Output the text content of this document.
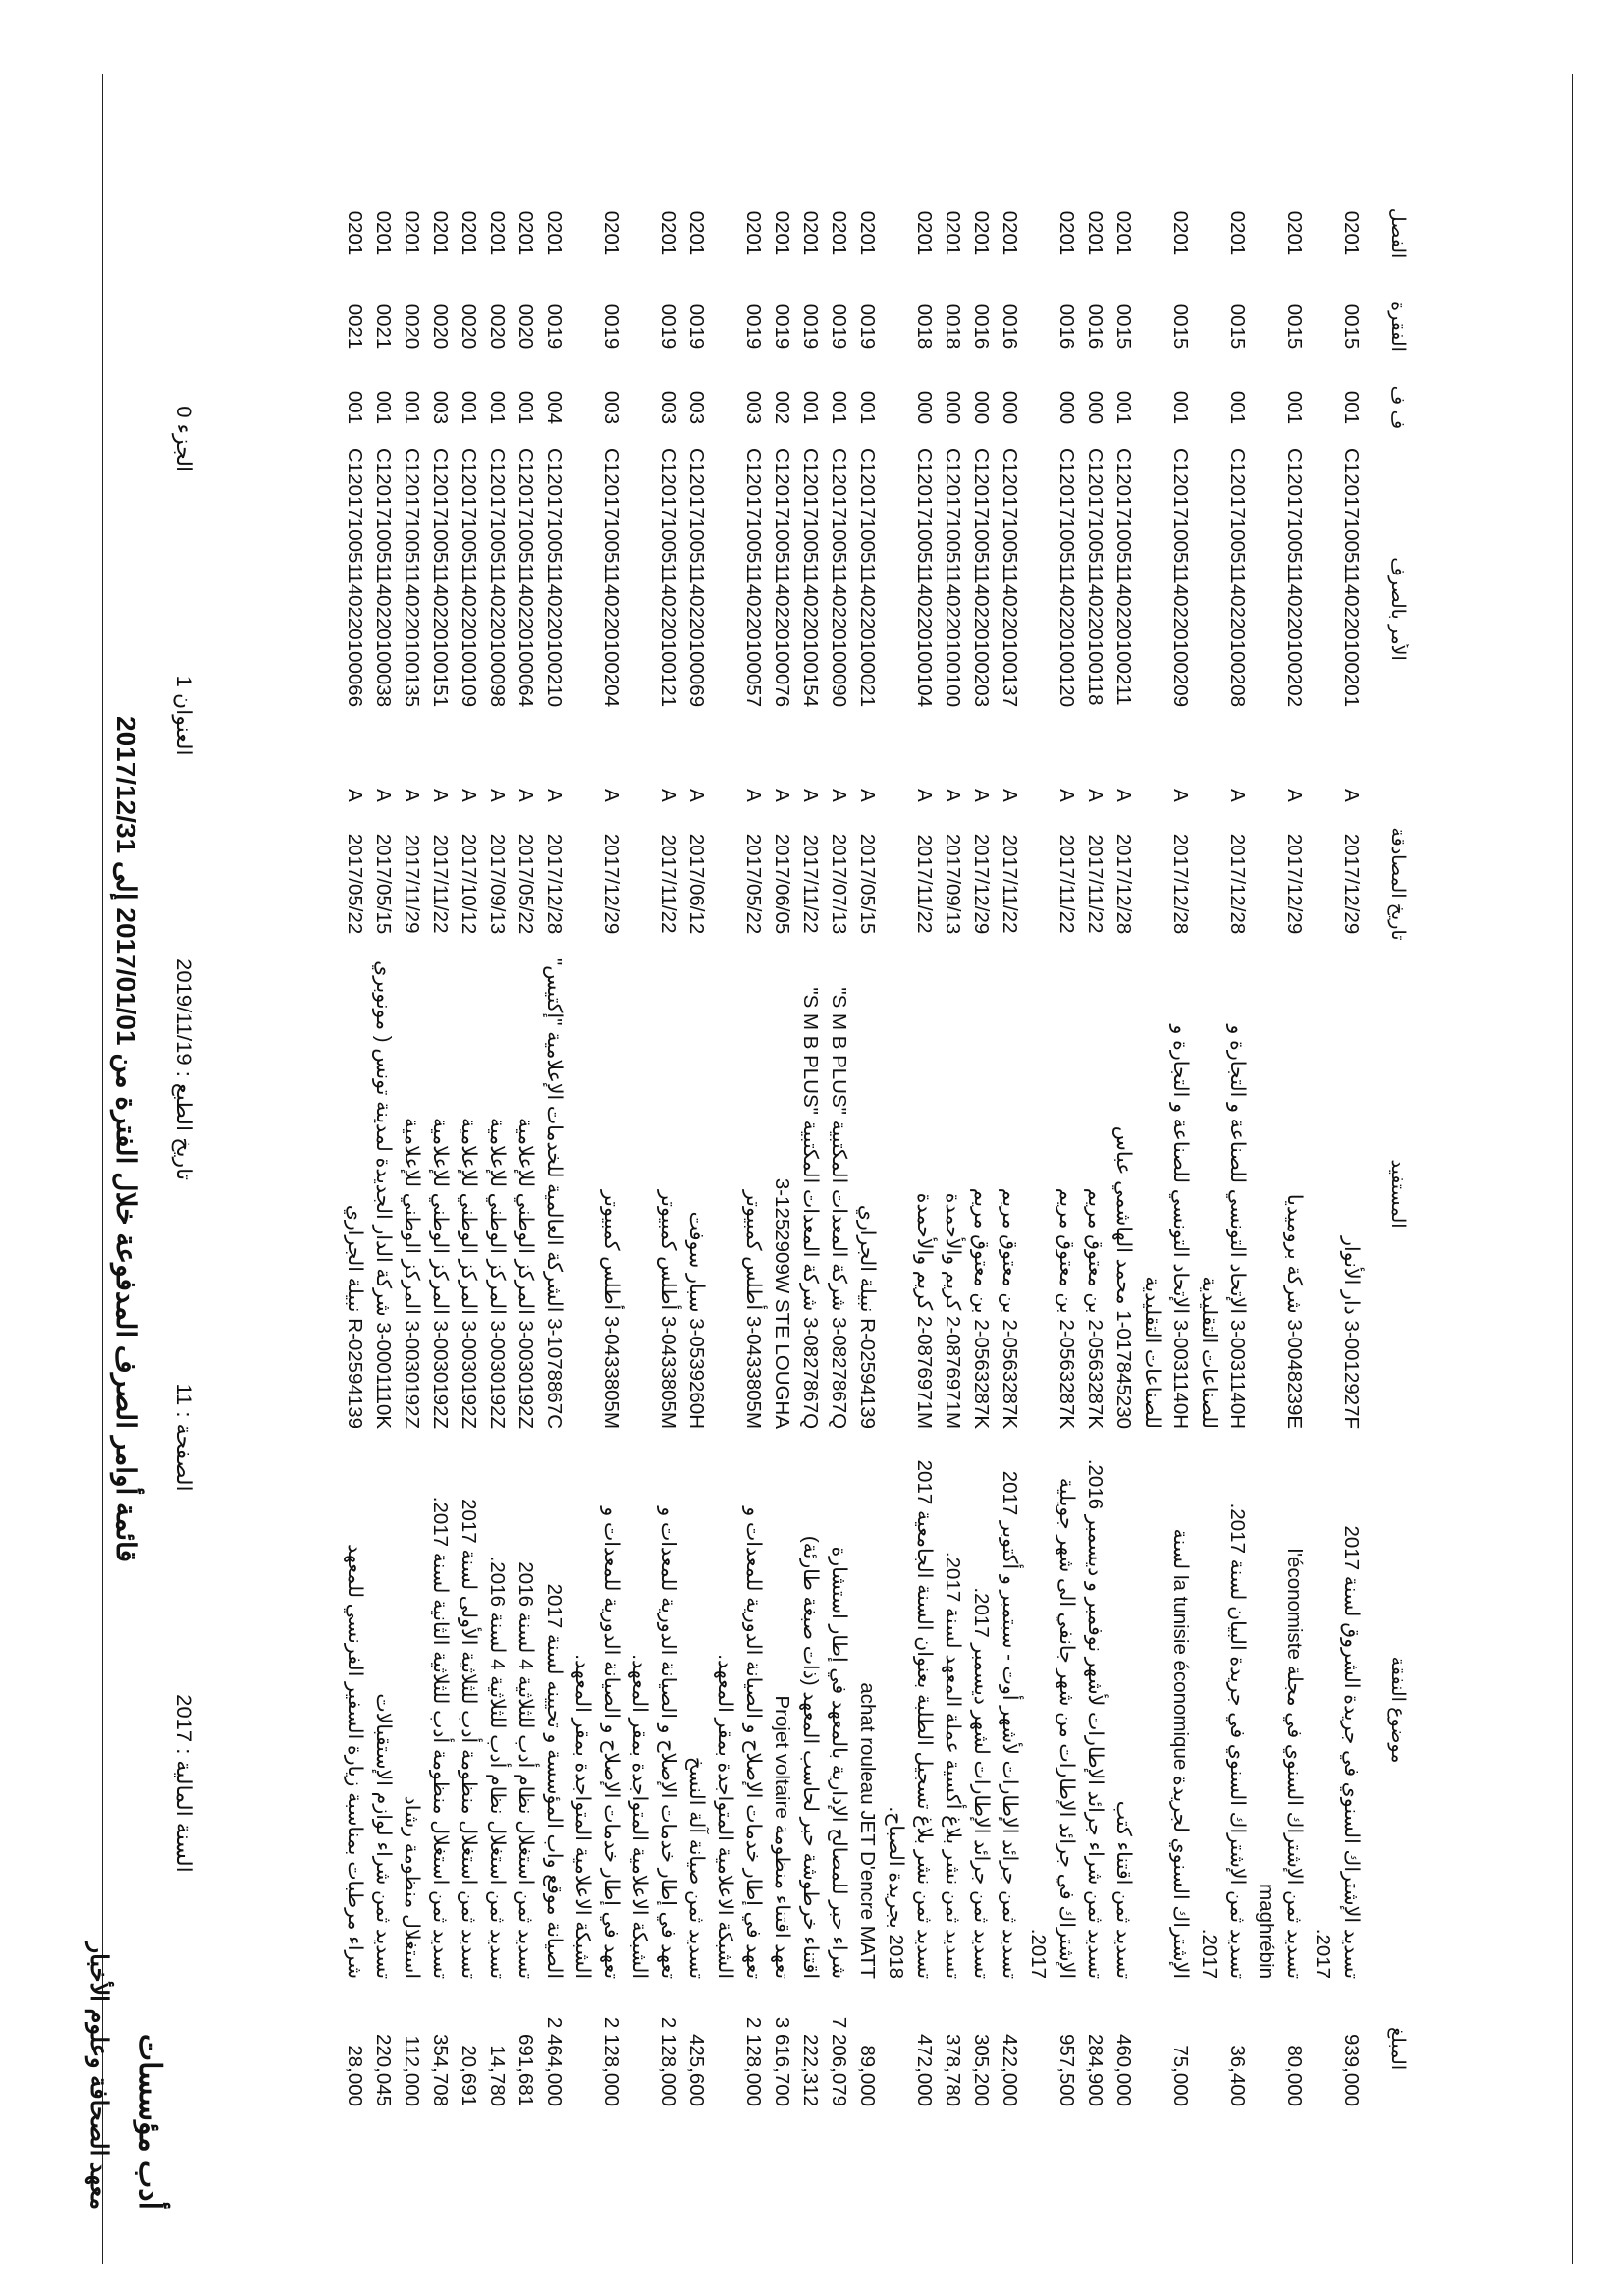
أدب مؤسسات
معهد الصحافة وعلوم الأخبار
قائمة أوامر الصرف المدفوعة خلال الفترة من 2017/01/01 إلى 2017/12/31
السنة المالية : 2017
الصفحة : 11
تاريخ الطبع : 2019/11/19
العنوان 1
الجزء 0
الفصل	الفقرة	ف ف	الأمر بالصرف		تاريخ المصادقة	المستفيد	موضوع النفقة	المبلغ
0201	0015	001	C1201710051140220100201	A	2017/12/29	3-0012927F دار الأنوار	تسديد الإشتراك السنوي في جريدة الشروق لسنة 2017
2017.	939,000
0201	0015	001	C1201710051140220100202	A	2017/12/29	3-0048239E شركة بروميديا	تسديد ثمن الإشتراك السنوي في مجلة l'économiste
maghrébin	80,000
0201	0015	001	C1201710051140220100208	A	2017/12/28	3-0031140H الإتحاد التونسي للصناعة و التجارة و
للصناعات التقليدية	تسديد ثمن الإشتراك السنوي في جريدة البيان لسنة 2017.
2017.	36,400
0201	0015	001	C1201710051140220100209	A	2017/12/28	3-0031140H الإتحاد التونسي للصناعة و التجارة و
للصناعات التقليدية	الإشتراك السنوي لجريدة la tunisie économique لسنة	75,000
0201	0015	001	C1201710051140220100211	A	2017/12/28	1-017845230 محمد الهاشمي عباس	تسديد ثمن اقتناء كتب	460,000
0201	0016	000	C1201710051140220100118	A	2017/11/22	2-0563287K بن معتوق مريم	تسديد ثمن شراء جرائد الإطارات لأشهر نوفمبر و ديسمبر 2016.	284,900
0201	0016	000	C1201710051140220100120	A	2017/11/22	2-0563287K بن معتوق مريم	الإشتراك في جرائد الإطارات من شهر جانفي الى شهر جويلية
2017.	957,500
0201	0016	000	C1201710051140220100137	A	2017/11/22	2-0563287K بن معتوق مريم	تسديد ثمن جرائد الإطارات لأشهر أوت - سبتمبر و أكتوبر 2017	422,000
0201	0016	000	C1201710051140220100203	A	2017/12/29	2-0563287K بن معتوق مريم	تسديد ثمن جرائد الإطارات لشهر ديسمبر 2017.	305,200
0201	0018	000	C1201710051140220100100	A	2017/09/13	2-0876971M كريم والأحمدة	تسديد ثمن نشر بلاغ أكسية عملة المعهد لسنة 2017.	378,780
0201	0018	000	C1201710051140220100104	A	2017/11/22	2-0876971M كريم والأحمدة	تسديد ثمن نشر بلاغ تسجيل الطلبة بعنوان السنة الجامعية 2017
2018 بجريدة الصباح.	472,000
0201	0019	001	C1201710051140220100021	A	2017/05/15	R-02594139 نبيلة الجراري	achat rouleau JET D'encre MATT	89,000
0201	0019	001	C1201710051140220100090	A	2017/07/13	3-0827867Q شركة المعدات المكتبية "S M B PLUS"	شراء حبر للمصالح الإدارية بالمعهد في إطار استشارة	7 206,079
0201	0019	001	C1201710051140220100154	A	2017/11/22	3-0827867Q شركة المعدات المكتبية "S M B PLUS"	اقتناء خرطوشة حبر لحاسب المعهد (ذات صبغة طارئة)	222,312
0201	0019	002	C1201710051140220100076	A	2017/06/05	3-1252909W STE LOUGHA	تعهد اقتناء منظومة Projet voltaire	3 616,700
0201	0019	003	C1201710051140220100057	A	2017/05/22	3-0433805M أطلس كمبيوتر	تعهد في إطار خدمات الإصلاح و الصيانة الدورية للمعدات و
الشبكة الاعلامية المتواجدة بمقر المعهد.	2 128,000
0201	0019	003	C1201710051140220100069	A	2017/06/12	3-0539260H سبار سوفت	تسديد ثمن صيانة آلة النسخ	425,600
0201	0019	003	C1201710051140220100121	A	2017/11/22	3-0433805M أطلس كمبيوتر	تعهد في إطار خدمات الإصلاح و الصيانة الدورية للمعدات و
الشبكة الاعلامية المتواجدة بمقر المعهد.	2 128,000
0201	0019	003	C1201710051140220100204	A	2017/12/29	3-0433805M أطلس كمبيوتر	تعهد في إطار خدمات الإصلاح و الصيانة الدورية للمعدات و
الشبكة الاعلامية المتواجدة بمقر المعهد.	2 128,000
0201	0019	004	C1201710051140220100210	A	2017/12/28	3-1078867C الشركة العالمية للخدمات الإعلامية "إكتيس"	الصيانة موقع واب المؤسسة و تحيينه لسنة 2017	2 464,000
0201	0020	001	C1201710051140220100064	A	2017/05/22	3-0030192Z المركز الوطني للإعلامية	تسديد ثمن استغلال نظام أدب للثلاثية 4 لسنة 2016	691,681
0201	0020	001	C1201710051140220100098	A	2017/09/13	3-0030192Z المركز الوطني للإعلامية	تسديد ثمن استغلال نظام أدب للثلاثية 4 لسنة 2016.	14,780
0201	0020	001	C1201710051140220100109	A	2017/10/12	3-0030192Z المركز الوطني للإعلامية	تسديد ثمن استغلال منظومة أدب للثلاثية الأولى لسنة 2017	20,691
0201	0020	003	C1201710051140220100151	A	2017/11/22	3-0030192Z المركز الوطني للإعلامية	تسديد ثمن استغلال منظومة أدب للثلاثية الثانية لسنة 2017.	354,708
0201	0020	001	C1201710051140220100135	A	2017/11/29	3-0030192Z المركز الوطني للإعلامية	استغلال منظومة رشاد	112,000
0201	0021	001	C1201710051140220100038	A	2017/05/15	3-0001110K شركة الدار الجديدة لمدينة تونس ( مونوبري	تسديد ثمن شراء لوازم الإستقبالات	220,045
0201	0021	001	C1201710051140220100066	A	2017/05/22	R-02594139 نبيلة الجراري	شراء مرطبات بمناسبة زيارة السفير الفرنسي للمعهد	28,000
